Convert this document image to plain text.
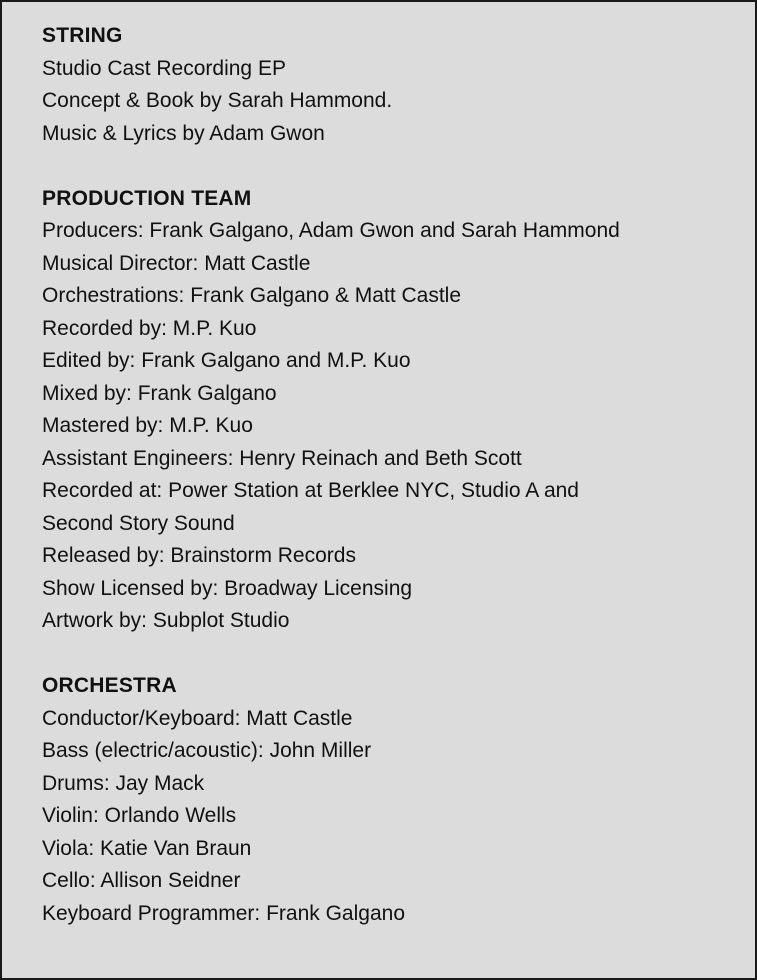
STRING
Studio Cast Recording EP
Concept & Book by Sarah Hammond.
Music & Lyrics by Adam Gwon
PRODUCTION TEAM
Producers: Frank Galgano, Adam Gwon and Sarah Hammond
Musical Director: Matt Castle
Orchestrations: Frank Galgano & Matt Castle
Recorded by: M.P. Kuo
Edited by: Frank Galgano and M.P. Kuo
Mixed by: Frank Galgano
Mastered by: M.P. Kuo
Assistant Engineers: Henry Reinach and Beth Scott
Recorded at: Power Station at Berklee NYC, Studio A and
Second Story Sound
Released by: Brainstorm Records
Show Licensed by: Broadway Licensing
Artwork by: Subplot Studio
ORCHESTRA
Conductor/Keyboard: Matt Castle
Bass (electric/acoustic): John Miller
Drums: Jay Mack
Violin: Orlando Wells
Viola: Katie Van Braun
Cello: Allison Seidner
Keyboard Programmer: Frank Galgano
